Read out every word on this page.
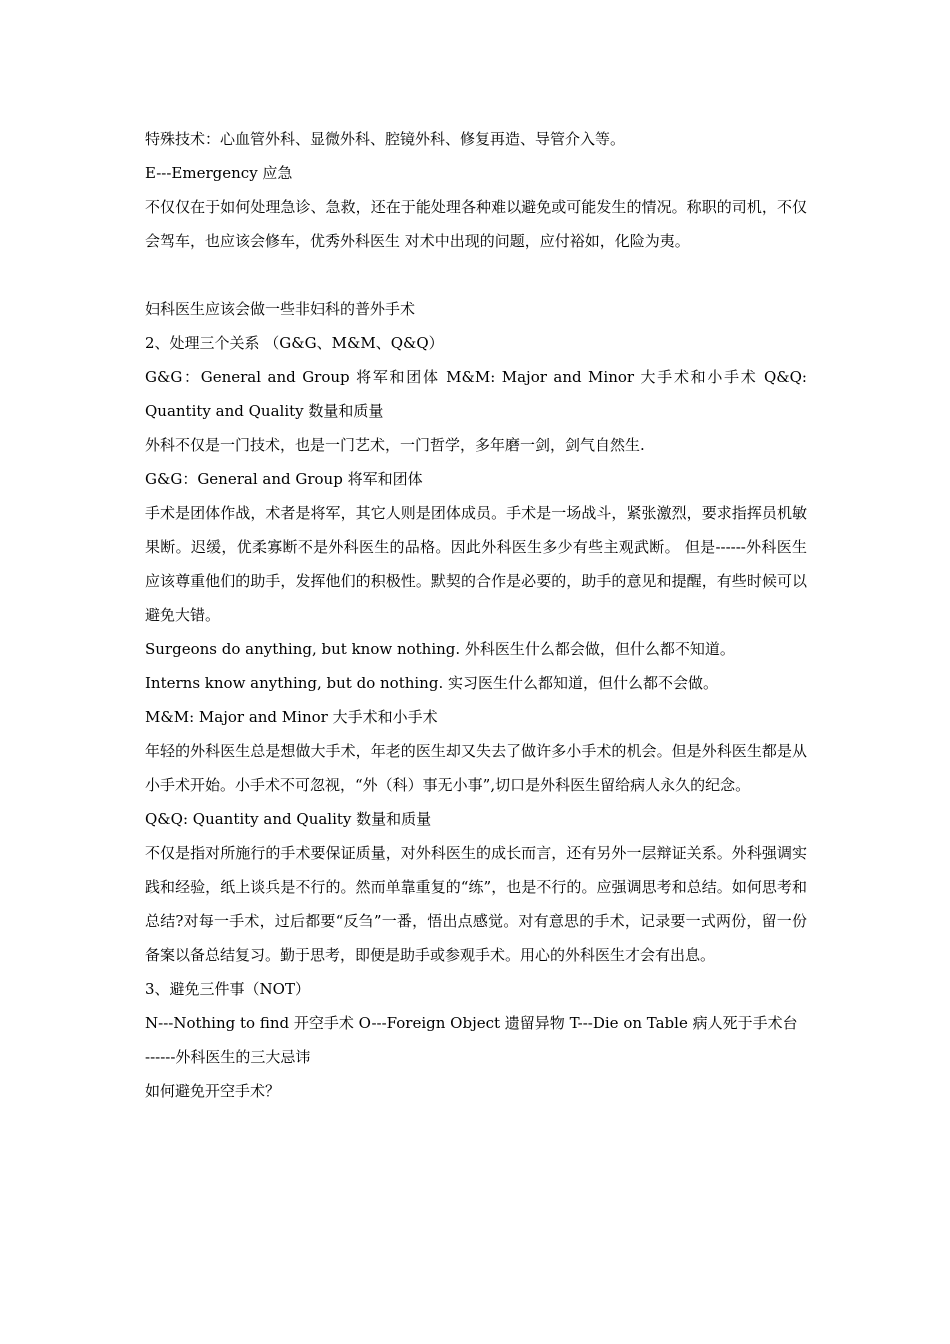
特殊技术：心血管外科、显微外科、腔镜外科、修复再造、导管介入等。

E---Emergency 应急

不仅仅在于如何处理急诊、急救，还在于能处理各种难以避免或可能发生的情况。称职的司机，不仅会驾车，也应该会修车，优秀外科医生 对术中出现的问题，应付裕如，化险为夷。

妇科医生应该会做一些非妇科的普外手术

2、处理三个关系 （G&G、M&M、Q&Q）

G&G：General and Group 将军和团体 M&M: Major and Minor 大手术和小手术 Q&Q: Quantity and Quality 数量和质量

外科不仅是一门技术，也是一门艺术，一门哲学，多年磨一剑，剑气自然生.

G&G：General and Group 将军和团体

手术是团体作战，术者是将军，其它人则是团体成员。手术是一场战斗，紧张激烈，要求指挥员机敏果断。迟缓，优柔寡断不是外科医生的品格。因此外科医生多少有些主观武断。 但是------外科医生应该尊重他们的助手，发挥他们的积极性。默契的合作是必要的，助手的意见和提醒，有些时候可以避免大错。

Surgeons do anything, but know nothing. 外科医生什么都会做，但什么都不知道。

Interns know anything, but do nothing. 实习医生什么都知道，但什么都不会做。

M&M: Major and Minor 大手术和小手术

年轻的外科医生总是想做大手术，年老的医生却又失去了做许多小手术的机会。但是外科医生都是从小手术开始。小手术不可忽视，“外（科）事无小事”,切口是外科医生留给病人永久的纪念。

Q&Q: Quantity and Quality 数量和质量

不仅是指对所施行的手术要保证质量，对外科医生的成长而言，还有另外一层辩证关系。外科强调实践和经验，纸上谈兵是不行的。然而单靠重复的“练”，也是不行的。应强调思考和总结。如何思考和总结?对每一手术，过后都要“反刍”一番，悟出点感觉。对有意思的手术，记录要一式两份，留一份备案以备总结复习。勤于思考，即便是助手或参观手术。用心的外科医生才会有出息。

3、避免三件事（NOT）

N---Nothing to find 开空手术 O---Foreign Object 遗留异物 T---Die on Table 病人死于手术台

------外科医生的三大忌讳

如何避免开空手术？
